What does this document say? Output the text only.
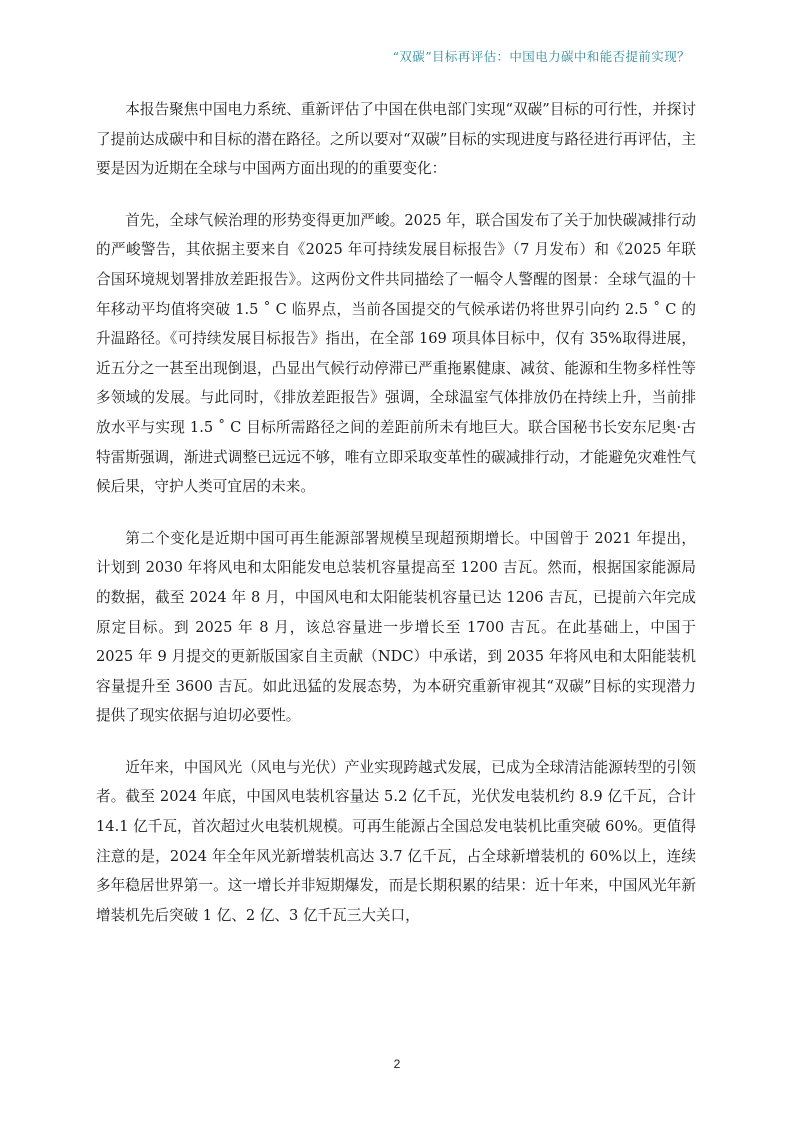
“双碳”目标再评估：中国电力碳中和能否提前实现？

本报告聚焦中国电力系统、重新评估了中国在供电部门实现“双碳”目标的可行性，并探讨了提前达成碳中和目标的潜在路径。之所以要对“双碳”目标的实现进度与路径进行再评估，主要是因为近期在全球与中国两方面出现的的重要变化：

首先，全球气候治理的形势变得更加严峻。2025 年，联合国发布了关于加快碳减排行动的严峻警告，其依据主要来自《2025 年可持续发展目标报告》（7 月发布）和《2025 年联合国环境规划署排放差距报告》。这两份文件共同描绘了一幅令人警醒的图景：全球气温的十年移动平均值将突破 1.5 ˚ C 临界点，当前各国提交的气候承诺仍将世界引向约 2.5 ˚ C 的升温路径。《可持续发展目标报告》指出，在全部 169 项具体目标中，仅有 35%取得进展，近五分之一甚至出现倒退，凸显出气候行动停滞已严重拖累健康、减贫、能源和生物多样性等多领域的发展。与此同时，《排放差距报告》强调，全球温室气体排放仍在持续上升，当前排放水平与实现 1.5 ˚ C 目标所需路径之间的差距前所未有地巨大。联合国秘书长安东尼奥·古特雷斯强调，渐进式调整已远远不够，唯有立即采取变革性的碳减排行动，才能避免灾难性气候后果，守护人类可宜居的未来。

第二个变化是近期中国可再生能源部署规模呈现超预期增长。中国曾于 2021 年提出，计划到 2030 年将风电和太阳能发电总装机容量提高至 1200 吉瓦。然而，根据国家能源局的数据，截至 2024 年 8 月，中国风电和太阳能装机容量已达 1206 吉瓦，已提前六年完成原定目标。到 2025 年 8 月，该总容量进一步增长至 1700 吉瓦。在此基础上，中国于 2025 年 9 月提交的更新版国家自主贡献（NDC）中承诺，到 2035 年将风电和太阳能装机容量提升至 3600 吉瓦。如此迅猛的发展态势，为本研究重新审视其“双碳”目标的实现潜力提供了现实依据与迫切必要性。

近年来，中国风光（风电与光伏）产业实现跨越式发展，已成为全球清洁能源转型的引领者。截至 2024 年底，中国风电装机容量达 5.2 亿千瓦，光伏发电装机约 8.9 亿千瓦，合计 14.1 亿千瓦，首次超过火电装机规模。可再生能源占全国总发电装机比重突破 60%。更值得注意的是，2024 年全年风光新增装机高达 3.7 亿千瓦，占全球新增装机的 60%以上，连续多年稳居世界第一。这一增长并非短期爆发，而是长期积累的结果：近十年来，中国风光年新增装机先后突破 1 亿、2 亿、3 亿千瓦三大关口，

2
